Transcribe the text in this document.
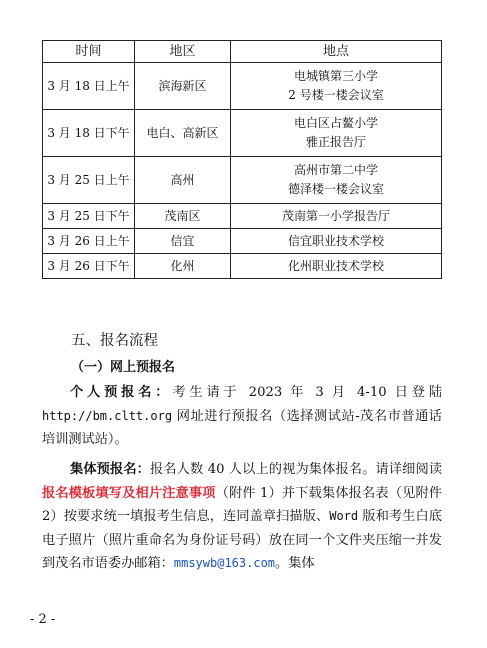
时间	地区	地点
3 月 18 日上午	滨海新区	电城镇第三小学
2 号楼一楼会议室

3 月 18 日下午	电白、高新区	电白区占鳌小学
雅正报告厅

3 月 25 日上午	高州	高州市第二中学
德泽楼一楼会议室

3 月 25 日下午	茂南区	茂南第一小学报告厅
3 月 26 日上午	信宜	信宜职业技术学校
3 月 26 日下午	化州	化州职业技术学校
五、报名流程
（一）网上预报名

个人预报名：考生请于 2023 年 3 月 4-10 日登陆http://bm.cltt.org 网址进行预报名（选择测试站-茂名市普通话培训测试站）。

集体预报名：报名人数 40 人以上的视为集体报名。请详细阅读报名模板填写及相片注意事项（附件 1）并下载集体报名表（见附件 2）按要求统一填报考生信息，连同盖章扫描版、Word 版和考生白底电子照片（照片重命名为身份证号码）放在同一个文件夹压缩一并发到茂名市语委办邮箱：mmsywb@163.com。集体

- 2 -
